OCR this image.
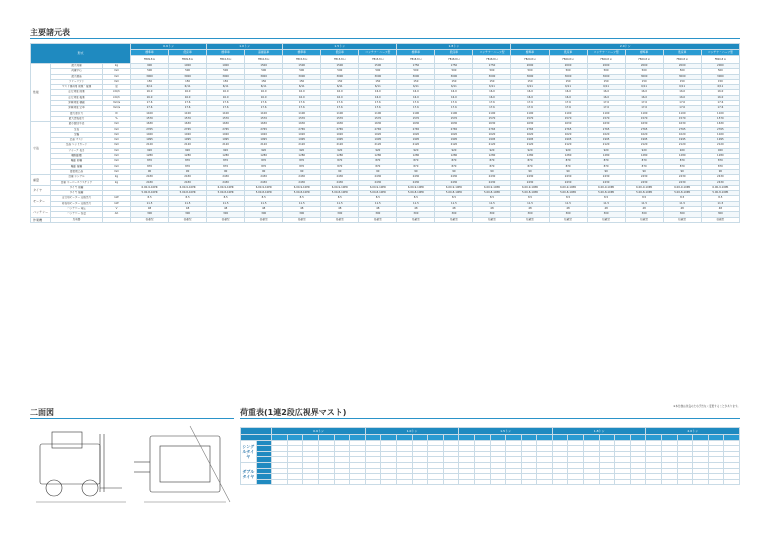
主要諸元表
形式			0.9トン		1.0トン		1.5トン			1.8トン			2.0トン					
			標準車	低床車	標準車	高揚高車	標準車	低床車	コンテナ・ハーフ型	標準車	低床車	コンテナ・ハーフ型	標準車	低床車	コンテナ・ハーフ型	標準車	低床車	コンテナ・ハーフ型
			FB09-8 Li	FB09-8 Li	FB10-8 Li	FB10-8 Li	FB15-8 Li	FB15-8 Li	FB15-8 Li	FB18-8 Li	FB18-8 Li	FB18-8 Li	FB20-8 Li	FB20-8 Li	FB20-8 Li	FB20-8 Li	FB20-8 Li	FB20-8 Li
性能	最大荷重	kg	900	1000	1000	1500	1500	1500	1500	1750	1750	1750	2000	2000	2000	2000	2000	2000
	荷重中心	mm	500	500	500	500	500	500	500	500	500	500	500	500	500	500	500	500
	最大揚高	mm	3000	3000	3000	3000	3000	3000	3000	3000	3000	3000	3000	3000	3000	3000	3000	3000
	フリーリフト	mm	150	150	150	150	150	150	150	150	150	150	150	150	150	150	150	150
	マスト傾斜角 前傾・後傾	度	6/11	6/11	6/11	6/11	6/11	6/11	6/11	6/11	6/11	6/11	6/11	6/11	6/11	6/11	6/11	6/11
	走行速度 前進	km/h	16.0	16.0	16.0	16.0	16.0	16.0	16.0	16.0	16.0	16.0	16.0	16.0	16.0	16.0	16.0	16.0
	走行速度 後進	km/h	16.0	16.0	16.0	16.0	16.0	16.0	16.0	16.0	16.0	16.0	16.0	16.0	16.0	16.0	16.0	16.0
	昇降速度 積載	mm/s	17.6	17.6	17.6	17.6	17.6	17.6	17.6	17.6	17.6	17.6	17.6	17.6	17.6	17.6	17.6	17.6
	昇降速度 空車	mm/s	17.6	17.6	17.6	17.6	17.6	17.6	17.6	17.6	17.6	17.6	17.6	17.6	17.6	17.6	17.6	17.6
	最大牽引力	N	1100	1100	1100	1100	1100	1100	1100	1100	1100	1100	1100	1100	1100	1100	1100	1100
	最大登坂能力	%	1570	1570	1570	1570	1570	1570	1570	1570	1570	1570	1570	1570	1570	1570	1570	1570
寸法	最小旋回半径	mm	1630	1630	1630	1630	1630	1630	1630	1630	1630	1630	1630	1630	1630	1630	1630	1630
	全長	mm	2765	2765	2765	2765	2765	2765	2765	2765	2765	2765	2765	2765	2765	2765	2765	2765
	全幅	mm	1020	1020	1020	1020	1020	1020	1020	1020	1020	1020	1020	1020	1020	1020	1020	1020
	全高 マスト	mm	1995	1995	1995	1995	1995	1995	1995	1995	1995	1995	1995	1995	1995	1995	1995	1995
	全高 ヘッドガード	mm	2120	2120	2120	2120	2120	2120	2120	2120	2120	2120	2120	2120	2120	2120	2120	2120
	フォーク 長さ	mm	920	920	920	920	920	920	920	920	920	920	920	920	920	920	920	920
	軸間距離	mm	1280	1280	1280	1280	1280	1280	1280	1280	1280	1280	1280	1280	1280	1280	1280	1280
	輪距 前輪	mm	870	870	870	870	870	870	870	870	870	870	870	870	870	870	870	870
	輪距 後輪	mm	870	870	870	870	870	870	870	870	870	870	870	870	870	870	870	870
	最低地上高	mm	90	90	90	90	90	90	90	90	90	90	90	90	90	90	90	90
重量	自重 シングル	kg	2430	2430	2430	2430	2430	2430	2430	2430	2430	2430	2430	2430	2430	2430	2430	2430
	自重 スーパーエラスチック	kg	2430	2430	2430	2430	2430	2430	2430	2430	2430	2430	2430	2430	2430	2430	2430	2430
タイヤ	タイヤ 前輪		6.00-9-10PR	6.00-9-10PR	6.00-9-10PR	6.00-9-10PR	6.00-9-10PR	6.00-9-10PR	6.00-9-10PR	6.00-9-10PR	6.00-9-10PR	6.00-9-10PR	6.00-9-10PR	6.00-9-10PR	6.00-9-10PR	6.00-9-10PR	6.00-9-10PR	6.00-9-10PR
	タイヤ 後輪		5.00-8-10PR	5.00-8-10PR	5.00-8-10PR	5.00-8-10PR	5.00-8-10PR	5.00-8-10PR	5.00-8-10PR	5.00-8-10PR	5.00-8-10PR	5.00-8-10PR	5.00-8-10PR	5.00-8-10PR	5.00-8-10PR	5.00-8-10PR	5.00-8-10PR	5.00-8-10PR
モーター	走行用モーター 定格出力	kW	8.5	8.5	8.5	8.5	8.5	8.5	8.5	8.5	8.5	8.5	8.5	8.5	8.5	8.5	8.5	8.5
	荷役用モーター 定格出力	kW	11.5	11.5	11.5	11.5	11.5	11.5	11.5	11.5	11.5	11.5	11.5	11.5	11.5	11.5	11.5	11.5
バッテリー	バッテリー 電圧	V	48	48	48	48	48	48	48	48	48	48	48	48	48	48	48	48
	バッテリー 容量	Ah	300	300	300	300	300	300	300	300	300	300	300	300	300	300	300	300
作業機	充電器		搭載型	搭載型	搭載型	搭載型	搭載型	搭載型	搭載型	搭載型	搭載型	搭載型	搭載型	搭載型	搭載型	搭載型	搭載型	搭載型
※本仕様は改良のため予告なく変更することがあります。
二面図	荷重表(1連2段広視界マスト)
		0.9トン						1.0トン						1.5トン						1.8トン						2.0トン					

シングルタイヤ																															

ダブルタイヤ																															
